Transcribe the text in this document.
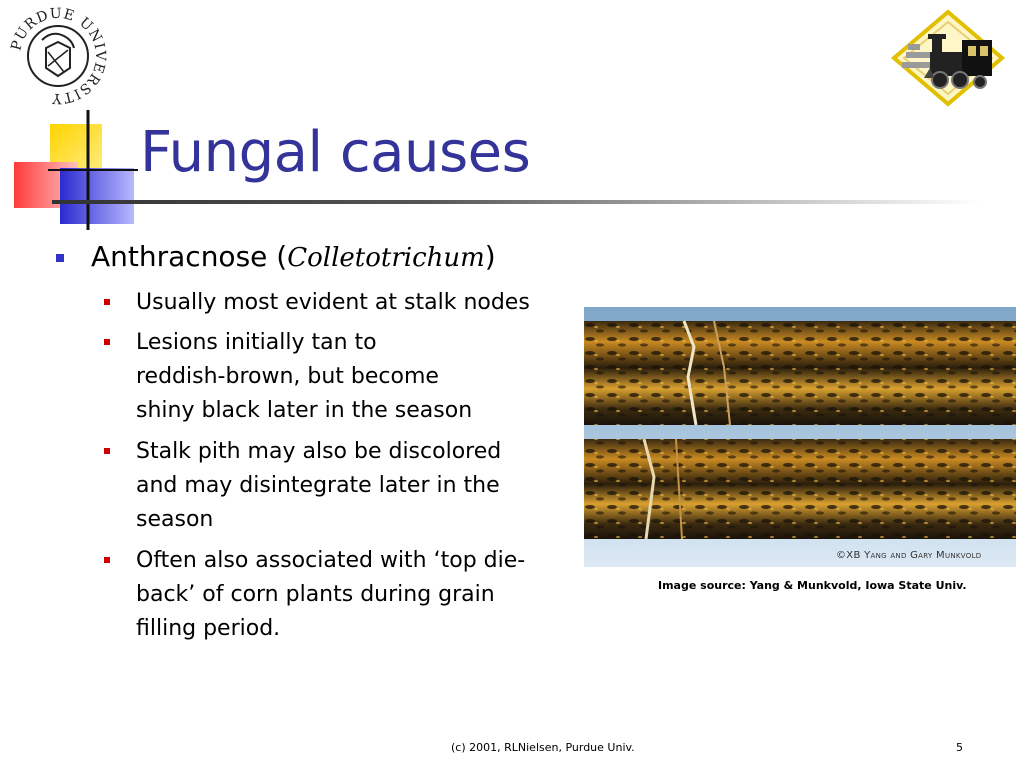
PURDUE UNIVERSITY
Fungal causes
Anthracnose (Colletotrichum)
Usually most evident at stalk nodes
Lesions initially tan to
reddish-brown, but become
shiny black later in the season
Stalk pith may also be discolored
and may disintegrate later in the
season
Often also associated with ‘top die-
back’ of corn plants during grain
filling period.
©XB Yang and Gary Munkvold
Image source: Yang & Munkvold, Iowa State Univ.
(c) 2001, RLNielsen, Purdue Univ.	5
